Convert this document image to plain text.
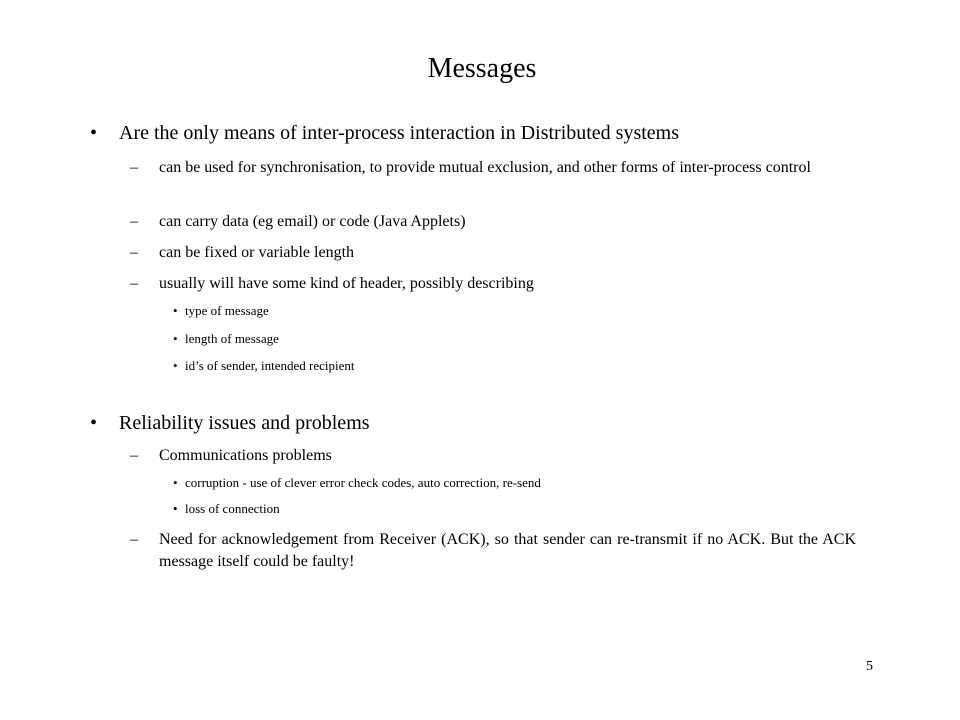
Messages
• Are the only means of inter-process interaction in Distributed systems
– can be used for synchronisation, to provide mutual exclusion, and other forms of inter-process control
– can carry data (eg email) or code (Java Applets)
– can be fixed or variable length
– usually will have some kind of header, possibly describing
• type of message
• length of message
• id’s of sender, intended recipient
• Reliability issues and problems
– Communications problems
• corruption - use of clever error check codes, auto correction, re-send
• loss of connection
– Need for acknowledgement from Receiver (ACK), so that sender can re-transmit if no ACK. But the ACK message itself could be faulty!
5
